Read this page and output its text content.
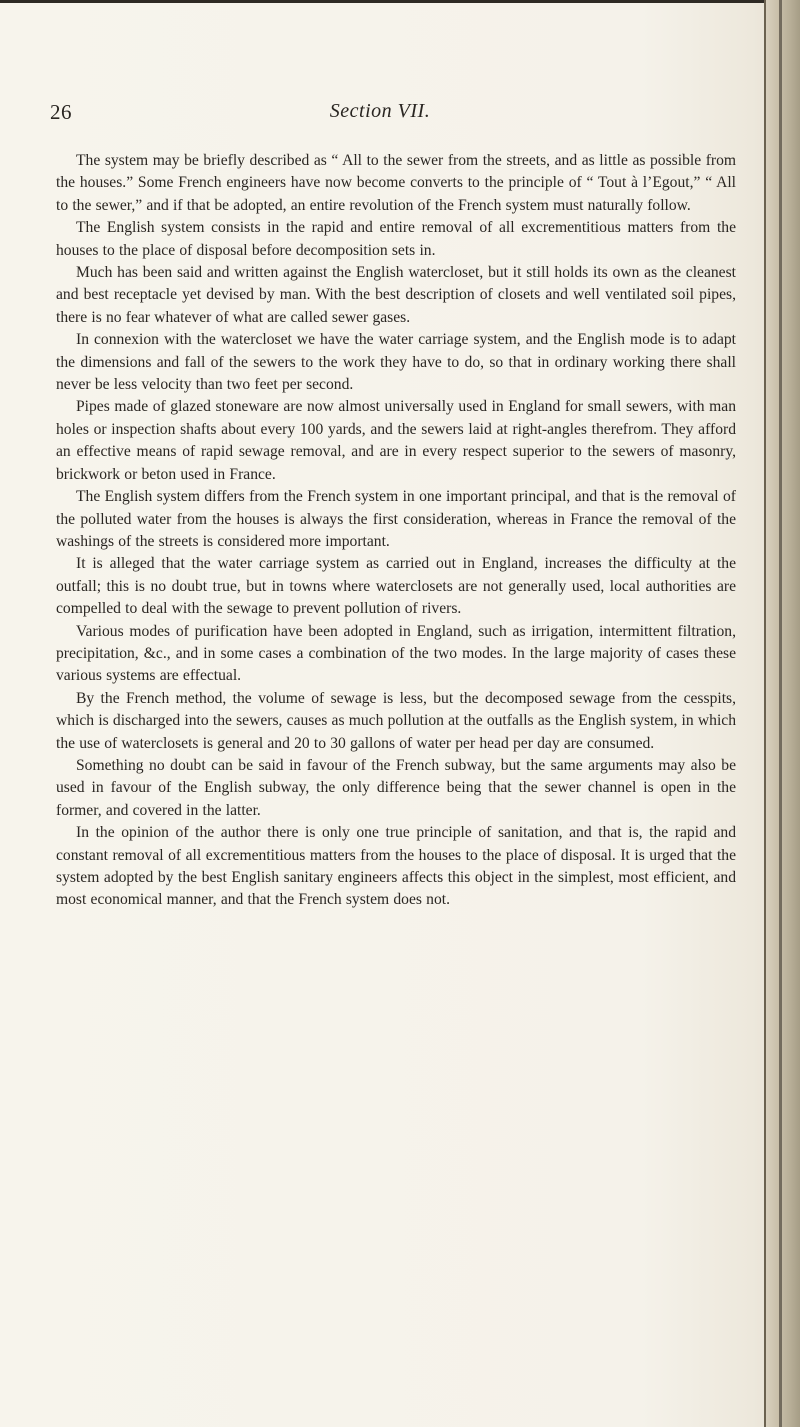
26	Section VII.

The system may be briefly described as “ All to the sewer from the streets, and as little as possible from the houses.” Some French engineers have now become converts to the principle of “ Tout à l’Egout,” “ All to the sewer,” and if that be adopted, an entire revolution of the French system must naturally follow.

The English system consists in the rapid and entire removal of all excrementitious matters from the houses to the place of disposal before decomposition sets in.

Much has been said and written against the English watercloset, but it still holds its own as the cleanest and best receptacle yet devised by man. With the best description of closets and well ventilated soil pipes, there is no fear whatever of what are called sewer gases.

In connexion with the watercloset we have the water carriage system, and the English mode is to adapt the dimensions and fall of the sewers to the work they have to do, so that in ordinary working there shall never be less velocity than two feet per second.

Pipes made of glazed stoneware are now almost universally used in England for small sewers, with man holes or inspection shafts about every 100 yards, and the sewers laid at right-angles therefrom. They afford an effective means of rapid sewage removal, and are in every respect superior to the sewers of masonry, brickwork or beton used in France.

The English system differs from the French system in one important principal, and that is the removal of the polluted water from the houses is always the first consideration, whereas in France the removal of the washings of the streets is considered more important.

It is alleged that the water carriage system as carried out in England, increases the difficulty at the outfall; this is no doubt true, but in towns where waterclosets are not generally used, local authorities are compelled to deal with the sewage to prevent pollution of rivers.

Various modes of purification have been adopted in England, such as irrigation, intermittent filtration, precipitation, &c., and in some cases a combination of the two modes. In the large majority of cases these various systems are effectual.

By the French method, the volume of sewage is less, but the decomposed sewage from the cesspits, which is discharged into the sewers, causes as much pollution at the outfalls as the English system, in which the use of waterclosets is general and 20 to 30 gallons of water per head per day are consumed.

Something no doubt can be said in favour of the French subway, but the same arguments may also be used in favour of the English subway, the only difference being that the sewer channel is open in the former, and covered in the latter.

In the opinion of the author there is only one true principle of sanitation, and that is, the rapid and constant removal of all excrementitious matters from the houses to the place of disposal. It is urged that the system adopted by the best English sanitary engineers affects this object in the simplest, most efficient, and most economical manner, and that the French system does not.
